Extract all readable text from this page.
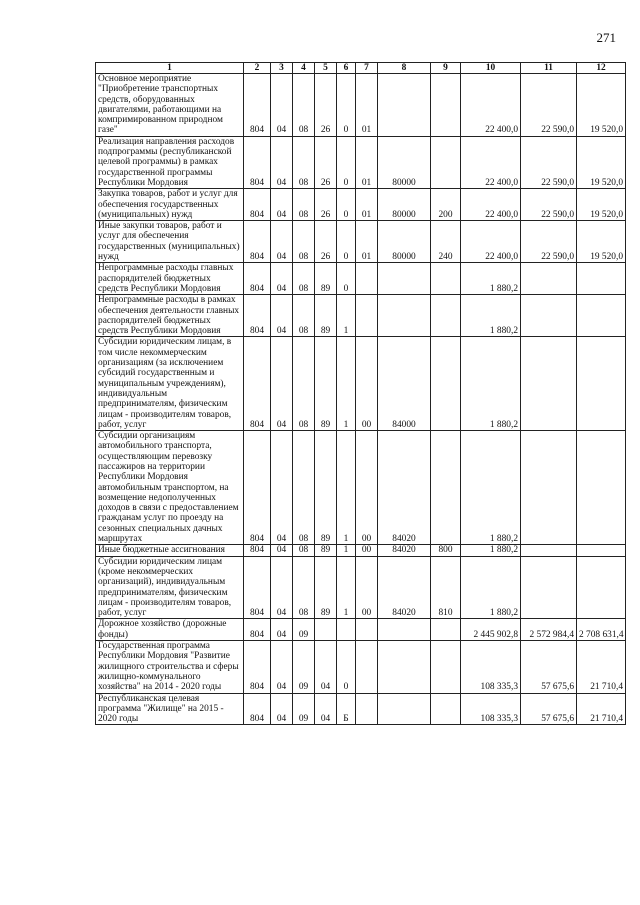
271
1	2	3	4	5	6	7	8	9	10	11	12
Основное мероприятие "Приобретение транспортных средств, оборудованных двигателями, работающими на компримированном природном газе"	804	04	08	26	0	01			22 400,0	22 590,0	19 520,0
Реализация направления расходов подпрограммы (республиканской целевой программы) в рамках государственной программы Республики Мордовия	804	04	08	26	0	01	80000		22 400,0	22 590,0	19 520,0
Закупка товаров, работ и услуг для обеспечения государственных (муниципальных) нужд	804	04	08	26	0	01	80000	200	22 400,0	22 590,0	19 520,0
Иные закупки товаров, работ и услуг для обеспечения государственных (муниципальных) нужд	804	04	08	26	0	01	80000	240	22 400,0	22 590,0	19 520,0
Непрограммные расходы главных распорядителей бюджетных средств Республики Мордовия	804	04	08	89	0				1 880,2		
Непрограммные расходы в рамках обеспечения деятельности главных распорядителей бюджетных средств Республики Мордовия	804	04	08	89	1				1 880,2		
Субсидии юридическим лицам, в том числе некоммерческим организациям (за исключением субсидий государственным и муниципальным учреждениям), индивидуальным предпринимателям, физическим лицам - производителям товаров, работ, услуг	804	04	08	89	1	00	84000		1 880,2		
Субсидии организациям автомобильного транспорта, осуществляющим перевозку пассажиров на территории Республики Мордовия автомобильным транспортом, на возмещение недополученных доходов в связи с предоставлением гражданам услуг по проезду на сезонных специальных дачных маршрутах	804	04	08	89	1	00	84020		1 880,2		
Иные бюджетные ассигнования	804	04	08	89	1	00	84020	800	1 880,2		
Субсидии юридическим лицам (кроме некоммерческих организаций), индивидуальным предпринимателям, физическим лицам - производителям товаров, работ, услуг	804	04	08	89	1	00	84020	810	1 880,2		
Дорожное хозяйство (дорожные фонды)	804	04	09						2 445 902,8	2 572 984,4	2 708 631,4
Государственная программа Республики Мордовия "Развитие жилищного строительства и сферы жилищно-коммунального хозяйства" на 2014 - 2020 годы	804	04	09	04	0				108 335,3	57 675,6	21 710,4
Республиканская целевая программа "Жилище" на 2015 - 2020 годы	804	04	09	04	Б				108 335,3	57 675,6	21 710,4
